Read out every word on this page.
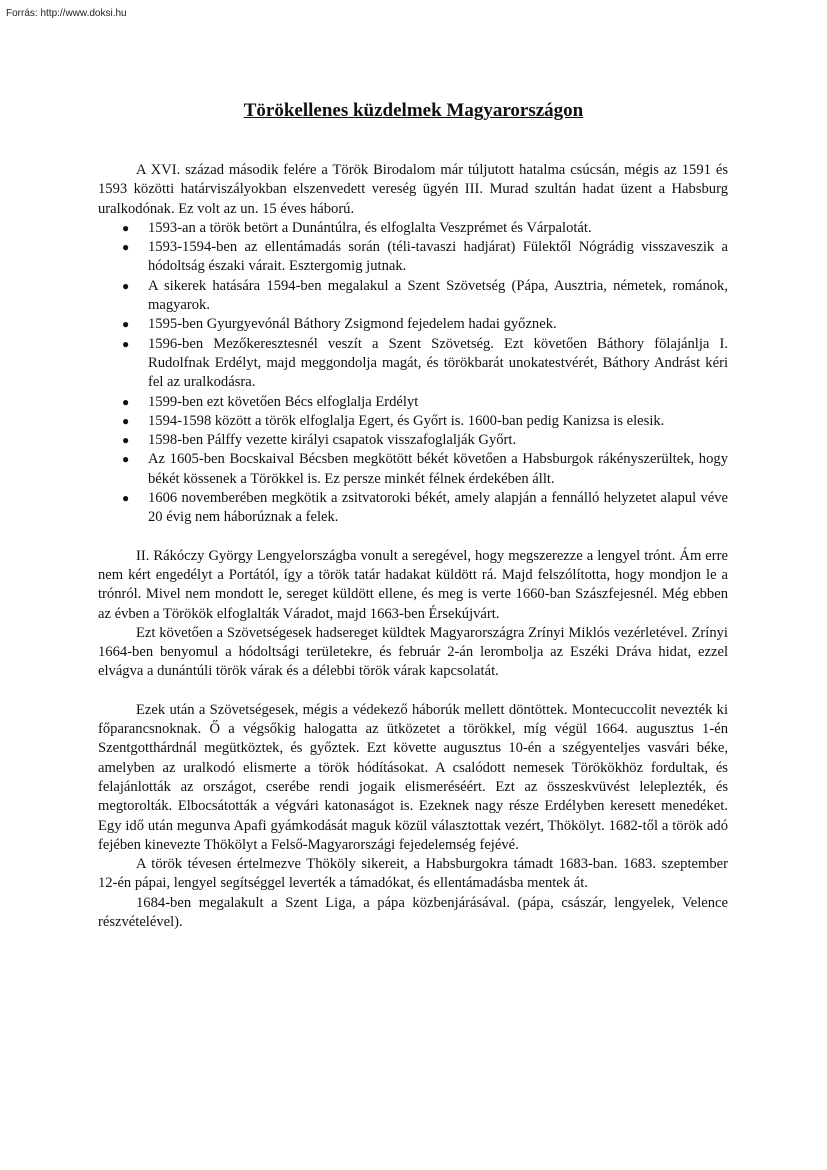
Forrás: http://www.doksi.hu
Törökellenes küzdelmek Magyarországon

A XVI. század második felére a Török Birodalom már túljutott hatalma csúcsán, mégis az 1591 és 1593 közötti határviszályokban elszenvedett vereség ügyén III. Murad szultán hadat üzent a Habsburg uralkodónak. Ez volt az un. 15 éves háború.

● 1593-an a török betört a Dunántúlra, és elfoglalta Veszprémet és Várpalotát.
● 1593-1594-ben az ellentámadás során (téli-tavaszi hadjárat) Fülektől Nógrádig visszaveszik a hódoltság északi várait. Esztergomig jutnak.
● A sikerek hatására 1594-ben megalakul a Szent Szövetség (Pápa, Ausztria, németek, románok, magyarok.
● 1595-ben Gyurgyevónál Báthory Zsigmond fejedelem hadai győznek.
● 1596-ben Mezőkeresztesnél veszít a Szent Szövetség. Ezt követően Báthory fölajánlja I. Rudolfnak Erdélyt, majd meggondolja magát, és törökbarát unokatestvérét, Báthory Andrást kéri fel az uralkodásra.
● 1599-ben ezt követően Bécs elfoglalja Erdélyt
● 1594-1598 között a török elfoglalja Egert, és Győrt is. 1600-ban pedig Kanizsa is elesik.
● 1598-ben Pálffy vezette királyi csapatok visszafoglalják Győrt.
● Az 1605-ben Bocskaival Bécsben megkötött békét követően a Habsburgok rákényszerültek, hogy békét kössenek a Törökkel is. Ez persze minkét félnek érdekében állt.
● 1606 novemberében megkötik a zsitvatoroki békét, amely alapján a fennálló helyzetet alapul véve 20 évig nem háborúznak a felek.

II. Rákóczy György Lengyelországba vonult a seregével, hogy megszerezze a lengyel trónt. Ám erre nem kért engedélyt a Portától, így a török tatár hadakat küldött rá. Majd felszólította, hogy mondjon le a trónról. Mivel nem mondott le, sereget küldött ellene, és meg is verte 1660-ban Szászfejesnél. Még ebben az évben a Törökök elfoglalták Váradot, majd 1663-ben Érsekújvárt.

Ezt követően a Szövetségesek hadsereget küldtek Magyarországra Zrínyi Miklós vezérletével. Zrínyi 1664-ben benyomul a hódoltsági területekre, és február 2-án lerombolja az Eszéki Dráva hidat, ezzel elvágva a dunántúli török várak és a délebbi török várak kapcsolatát.

Ezek után a Szövetségesek, mégis a védekező háborúk mellett döntöttek. Montecuccolit nevezték ki főparancsnoknak. Ő a végsőkig halogatta az ütközetet a törökkel, míg végül 1664. augusztus 1-én Szentgotthárdnál megütköztek, és győztek. Ezt követte augusztus 10-én a szégyenteljes vasvári béke, amelyben az uralkodó elismerte a török hódításokat. A csalódott nemesek Törökökhöz fordultak, és felajánlották az országot, cserébe rendi jogaik elismeréséért. Ezt az összeskvüvést leleplezték, és megtorolták. Elbocsátották a végvári katonaságot is. Ezeknek nagy része Erdélyben keresett menedéket. Egy idő után megunva Apafi gyámkodását maguk közül választottak vezért, Thökölyt. 1682-től a török adó fejében kinevezte Thökölyt a Felső-Magyarországi fejedelemség fejévé.

A török tévesen értelmezve Thököly sikereit, a Habsburgokra támadt 1683-ban. 1683. szeptember 12-én pápai, lengyel segítséggel leverték a támadókat, és ellentámadásba mentek át.

1684-ben megalakult a Szent Liga, a pápa közbenjárásával. (pápa, császár, lengyelek, Velence részvételével).
